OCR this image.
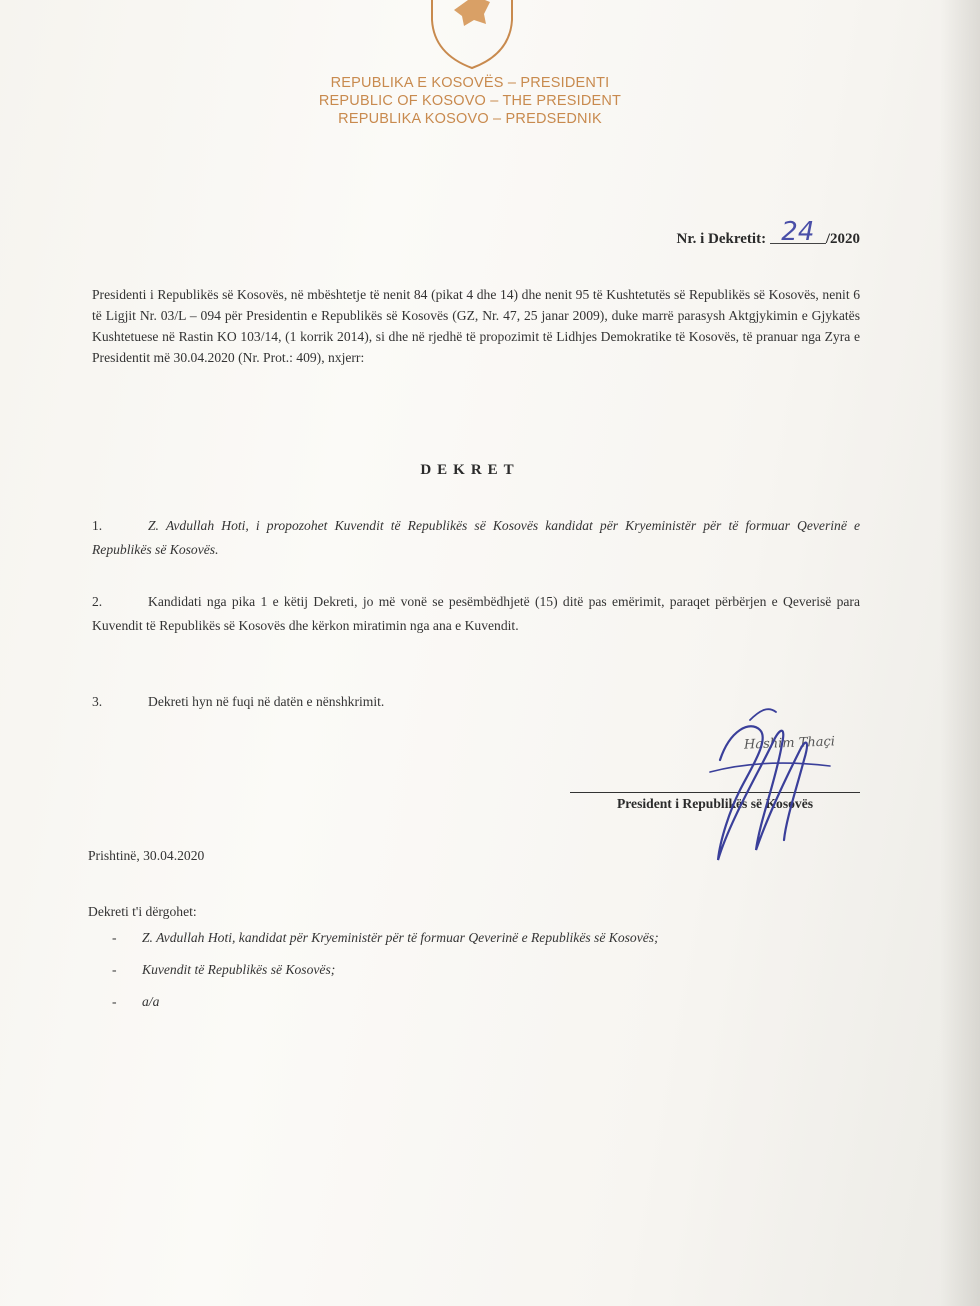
REPUBLIKA E KOSOVËS – PRESIDENTI
REPUBLIC OF KOSOVO – THE PRESIDENT
REPUBLIKA KOSOVO – PREDSEDNIK
Nr. i Dekretit: 24 /2020
Presidenti i Republikës së Kosovës, në mbështetje të nenit 84 (pikat 4 dhe 14) dhe nenit 95 të Kushtetutës së Republikës së Kosovës, nenit 6 të Ligjit Nr. 03/L – 094 për Presidentin e Republikës së Kosovës (GZ, Nr. 47, 25 janar 2009), duke marrë parasysh Aktgjykimin e Gjykatës Kushtetuese në Rastin KO 103/14, (1 korrik 2014), si dhe në rjedhë të propozimit të Lidhjes Demokratike të Kosovës, të pranuar nga Zyra e Presidentit më 30.04.2020 (Nr. Prot.: 409), nxjerr:
DEKRET
1.	Z. Avdullah Hoti, i propozohet Kuvendit të Republikës së Kosovës kandidat për Kryeministër për të formuar Qeverinë e Republikës së Kosovës.
2.	Kandidati nga pika 1 e këtij Dekreti, jo më vonë se pesëmbëdhjetë (15) ditë pas emërimit, paraqet përbërjen e Qeverisë para Kuvendit të Republikës së Kosovës dhe kërkon miratimin nga ana e Kuvendit.
3.	Dekreti hyn në fuqi në datën e nënshkrimit.
Hashim Thaçi
President i Republikës së Kosovës
Prishtinë, 30.04.2020
Dekreti t'i dërgohet:
- Z. Avdullah Hoti, kandidat për Kryeministër për të formuar Qeverinë e Republikës së Kosovës;
- Kuvendit të Republikës së Kosovës;
- a/a
